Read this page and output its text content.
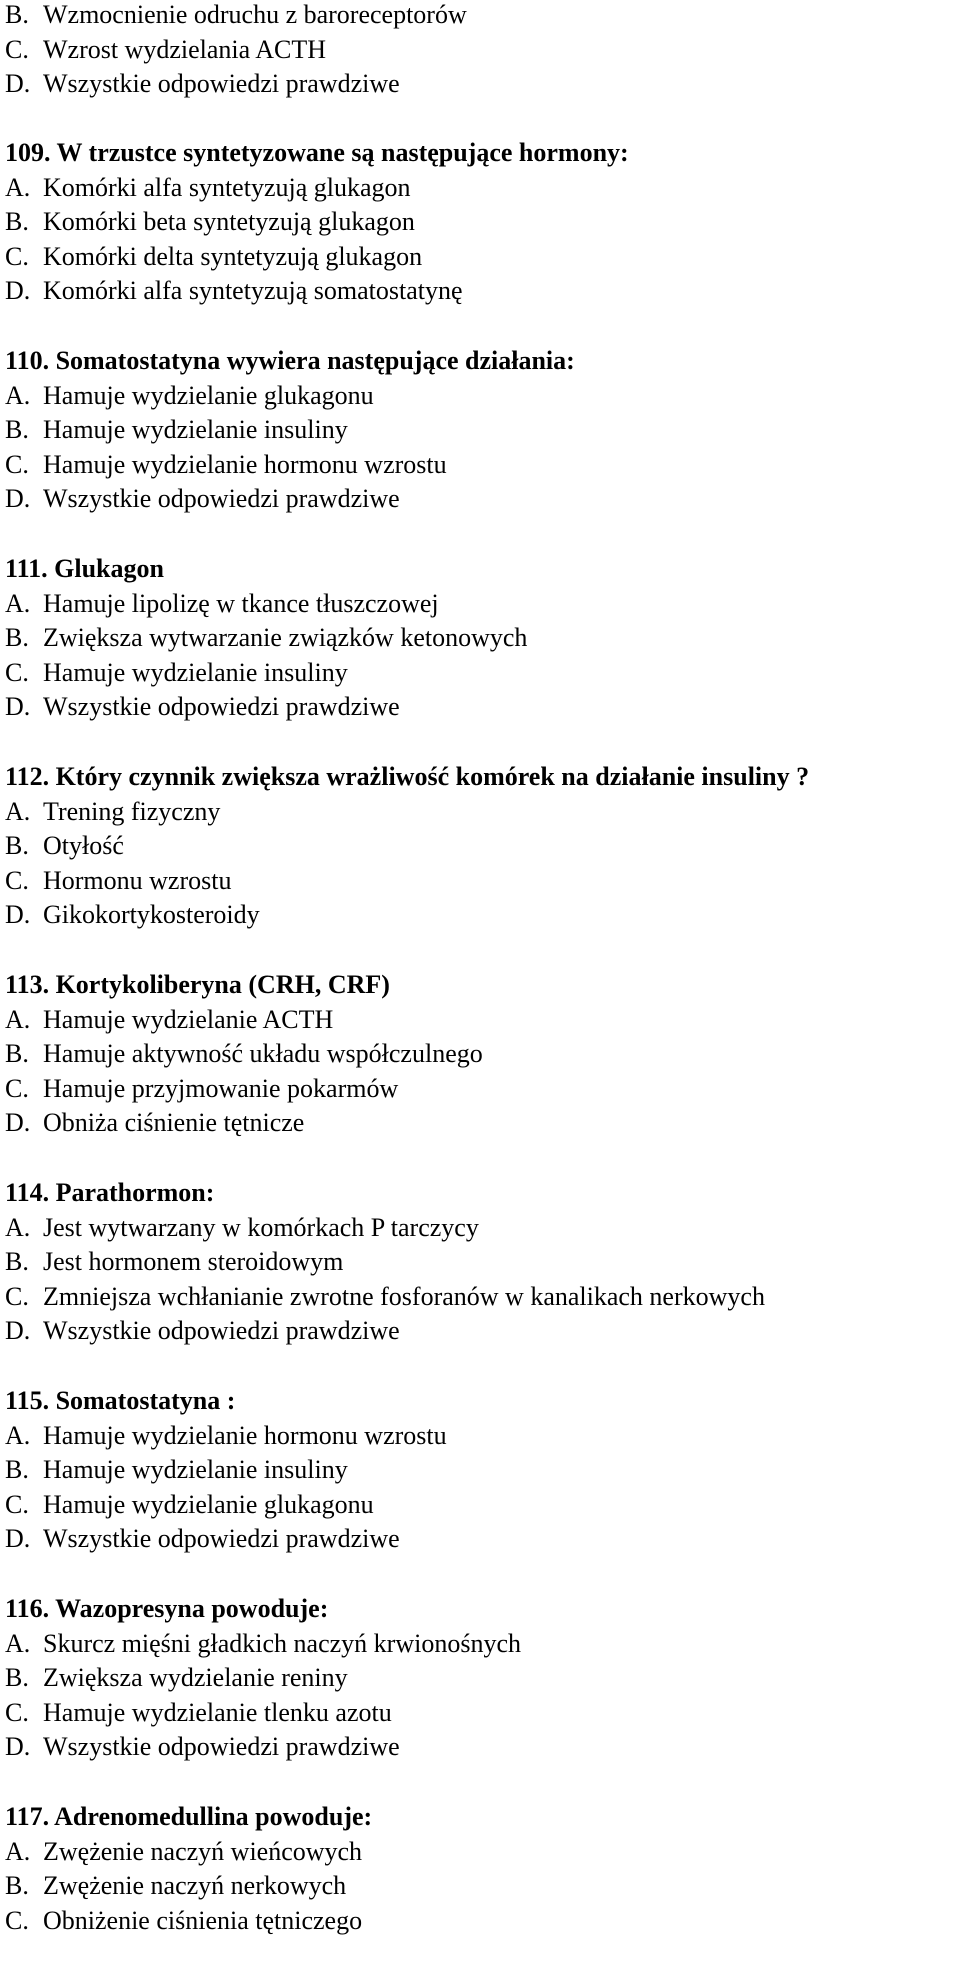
B. Wzmocnienie odruchu z baroreceptorów
C. Wzrost wydzielania ACTH
D. Wszystkie odpowiedzi prawdziwe
109. W trzustce syntetyzowane są następujące hormony:
A. Komórki alfa syntetyzują glukagon
B. Komórki beta syntetyzują glukagon
C. Komórki delta syntetyzują glukagon
D. Komórki alfa syntetyzują somatostatynę
110. Somatostatyna wywiera następujące działania:
A. Hamuje wydzielanie glukagonu
B. Hamuje wydzielanie insuliny
C. Hamuje wydzielanie hormonu wzrostu
D. Wszystkie odpowiedzi prawdziwe
111. Glukagon
A. Hamuje lipolizę w tkance tłuszczowej
B. Zwiększa wytwarzanie związków ketonowych
C. Hamuje wydzielanie insuliny
D. Wszystkie odpowiedzi prawdziwe
112. Który czynnik zwiększa wrażliwość komórek na działanie insuliny ?
A. Trening fizyczny
B. Otyłość
C. Hormonu wzrostu
D. Gikokortykosteroidy
113. Kortykoliberyna (CRH, CRF)
A. Hamuje wydzielanie ACTH
B. Hamuje aktywność układu współczulnego
C. Hamuje przyjmowanie pokarmów
D. Obniża ciśnienie tętnicze
114. Parathormon:
A. Jest wytwarzany w komórkach P tarczycy
B. Jest hormonem steroidowym
C. Zmniejsza wchłanianie zwrotne fosforanów w kanalikach nerkowych
D. Wszystkie odpowiedzi prawdziwe
115. Somatostatyna :
A. Hamuje wydzielanie hormonu wzrostu
B. Hamuje wydzielanie insuliny
C. Hamuje wydzielanie glukagonu
D. Wszystkie odpowiedzi prawdziwe
116. Wazopresyna powoduje:
A. Skurcz mięśni gładkich naczyń krwionośnych
B. Zwiększa wydzielanie reniny
C. Hamuje wydzielanie tlenku azotu
D. Wszystkie odpowiedzi prawdziwe
117. Adrenomedullina powoduje:
A. Zwężenie naczyń wieńcowych
B. Zwężenie naczyń nerkowych
C. Obniżenie ciśnienia tętniczego
